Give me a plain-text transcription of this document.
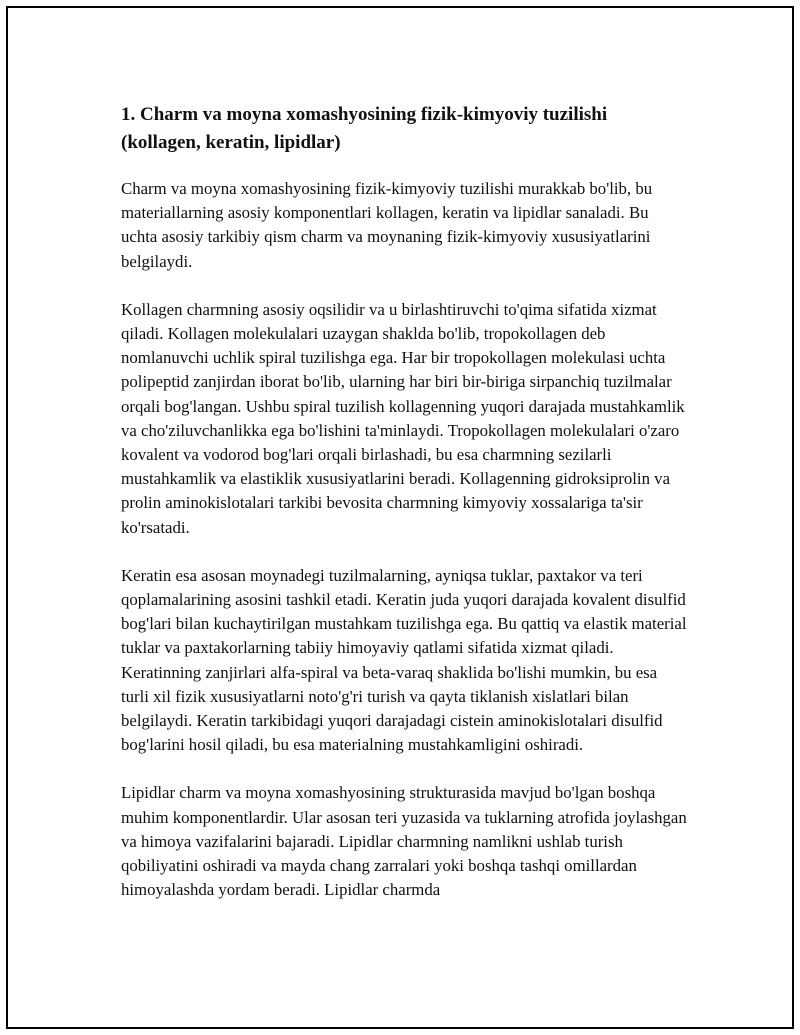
1. Charm va moyna xomashyosining fizik-kimyoviy tuzilishi (kollagen, keratin, lipidlar)

Charm va moyna xomashyosining fizik-kimyoviy tuzilishi murakkab bo'lib, bu materiallarning asosiy komponentlari kollagen, keratin va lipidlar sanaladi. Bu uchta asosiy tarkibiy qism charm va moynaning fizik-kimyoviy xususiyatlarini belgilaydi.

Kollagen charmning asosiy oqsilidir va u birlashtiruvchi to'qima sifatida xizmat qiladi. Kollagen molekulalari uzaygan shaklda bo'lib, tropokollagen deb nomlanuvchi uchlik spiral tuzilishga ega. Har bir tropokollagen molekulasi uchta polipeptid zanjirdan iborat bo'lib, ularning har biri bir-biriga sirpanchiq tuzilmalar orqali bog'langan. Ushbu spiral tuzilish kollagenning yuqori darajada mustahkamlik va cho'ziluvchanlikka ega bo'lishini ta'minlaydi. Tropokollagen molekulalari o'zaro kovalent va vodorod bog'lari orqali birlashadi, bu esa charmning sezilarli mustahkamlik va elastiklik xususiyatlarini beradi. Kollagenning gidroksiprolin va prolin aminokislotalari tarkibi bevosita charmning kimyoviy xossalariga ta'sir ko'rsatadi.

Keratin esa asosan moynadegi tuzilmalarning, ayniqsa tuklar, paxtakor va teri qoplamalarining asosini tashkil etadi. Keratin juda yuqori darajada kovalent disulfid bog'lari bilan kuchaytirilgan mustahkam tuzilishga ega. Bu qattiq va elastik material tuklar va paxtakorlarning tabiiy himoyaviy qatlami sifatida xizmat qiladi. Keratinning zanjirlari alfa-spiral va beta-varaq shaklida bo'lishi mumkin, bu esa turli xil fizik xususiyatlarni noto'g'ri turish va qayta tiklanish xislatlari bilan belgilaydi. Keratin tarkibidagi yuqori darajadagi cistein aminokislotalari disulfid bog'larini hosil qiladi, bu esa materialning mustahkamligini oshiradi.

Lipidlar charm va moyna xomashyosining strukturasida mavjud bo'lgan boshqa muhim komponentlardir. Ular asosan teri yuzasida va tuklarning atrofida joylashgan va himoya vazifalarini bajaradi. Lipidlar charmning namlikni ushlab turish qobiliyatini oshiradi va mayda chang zarralari yoki boshqa tashqi omillardan himoyalashda yordam beradi. Lipidlar charmda
